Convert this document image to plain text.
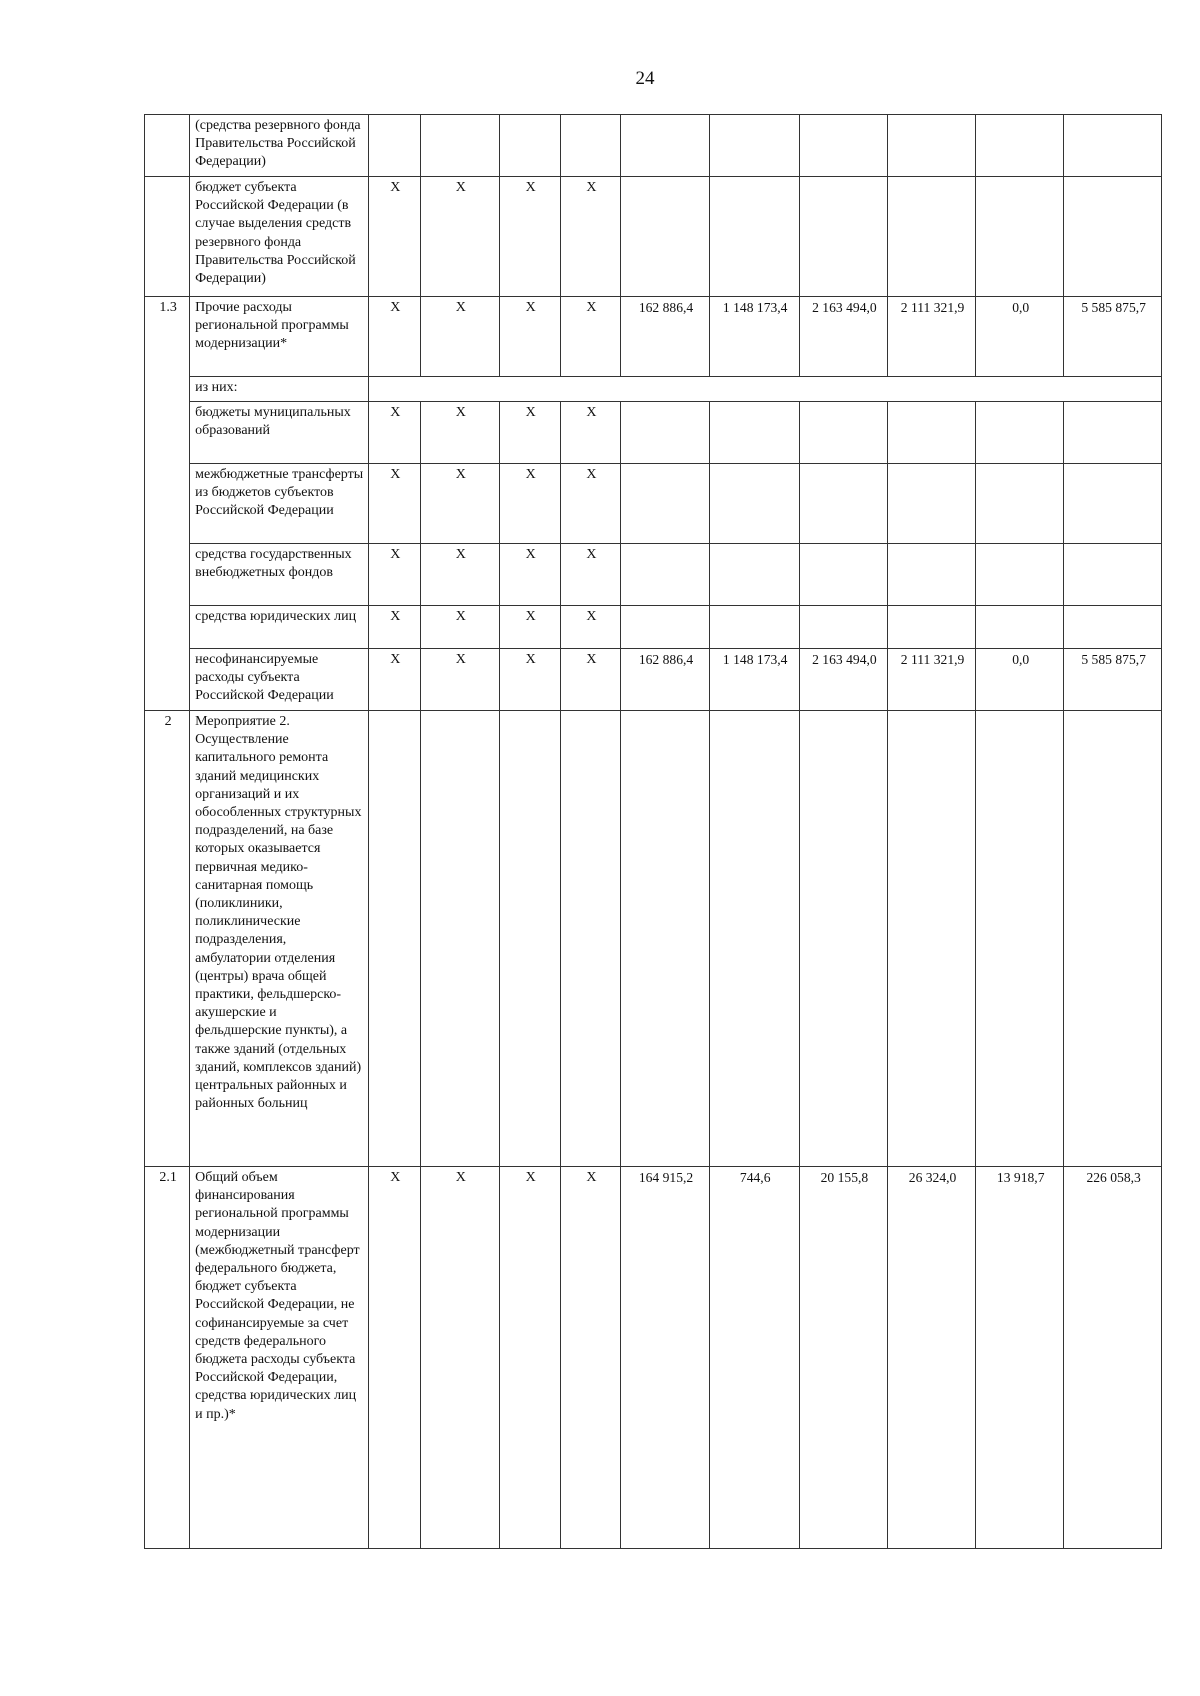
24
	(средства резервного фонда Правительства Российской Федерации)										
	бюджет субъекта Российской Федерации (в случае выделения средств резервного фонда Правительства Российской Федерации)	Х	Х	Х	Х						
1.3	Прочие расходы региональной программы модернизации*	Х	Х	Х	Х	162 886,4	1 148 173,4	2 163 494,0	2 111 321,9	0,0	5 585 875,7
	из них:										
	бюджеты муниципальных образований	Х	Х	Х	Х						
	межбюджетные трансферты из бюджетов субъектов Российской Федерации	Х	Х	Х	Х						
	средства государственных внебюджетных фондов	Х	Х	Х	Х						
	средства юридических лиц	Х	Х	Х	Х						
	несофинансируемые расходы субъекта Российской Федерации	Х	Х	Х	Х	162 886,4	1 148 173,4	2 163 494,0	2 111 321,9	0,0	5 585 875,7
2	Мероприятие 2. Осуществление капитального ремонта зданий медицинских организаций и их обособленных структурных подразделений, на базе которых оказывается первичная медико-санитарная помощь (поликлиники, поликлинические подразделения, амбулатории отделения (центры) врача общей практики, фельдшерско-акушерские и фельдшерские пункты), а также зданий (отдельных зданий, комплексов зданий) центральных районных и районных больниц										
2.1	Общий объем финансирования региональной программы модернизации (межбюджетный трансферт федерального бюджета, бюджет субъекта Российской Федерации, не софинансируемые за счет средств федерального бюджета расходы субъекта Российской Федерации, средства юридических лиц и пр.)*	Х	Х	Х	Х	164 915,2	744,6	20 155,8	26 324,0	13 918,7	226 058,3
